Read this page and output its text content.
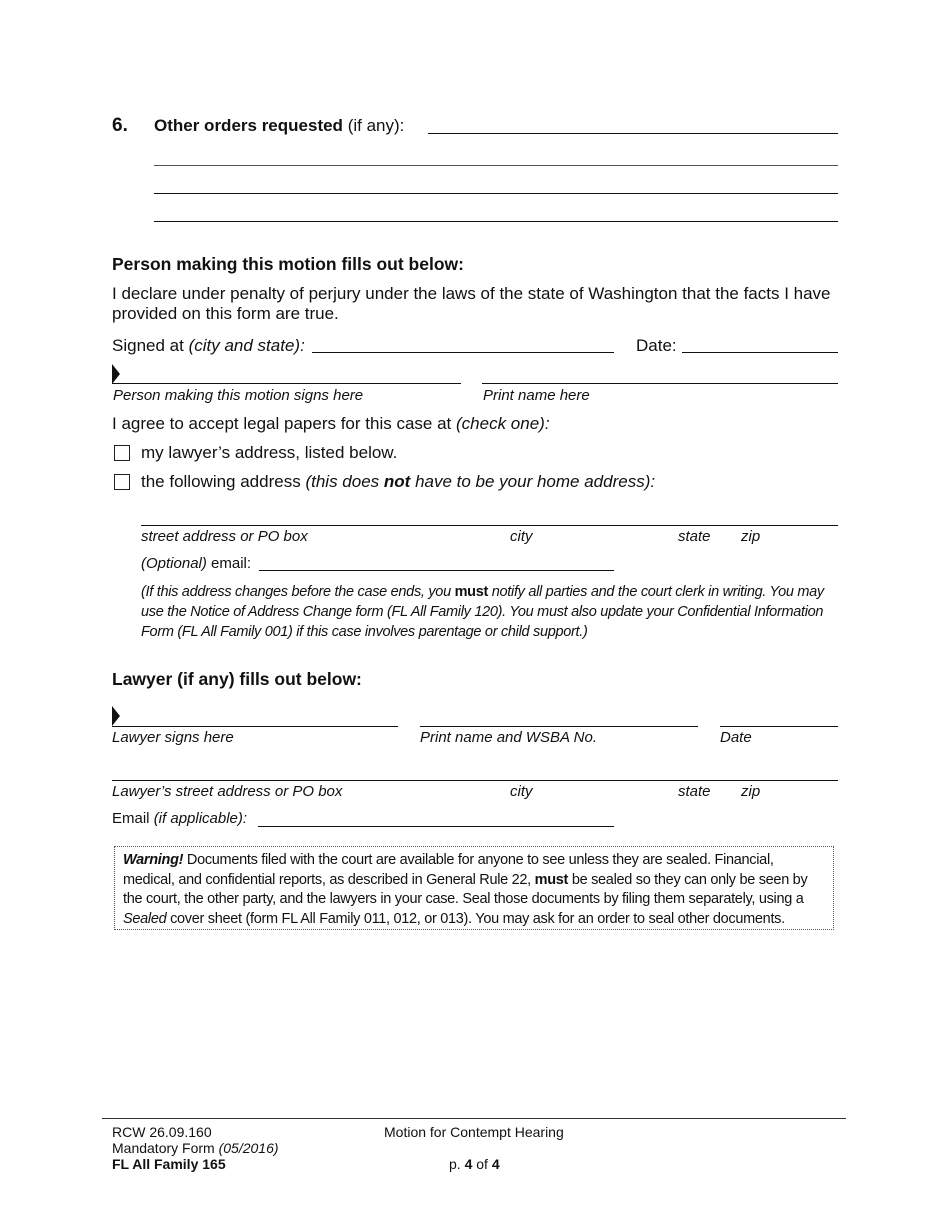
6. Other orders requested (if any):
Person making this motion fills out below:
I declare under penalty of perjury under the laws of the state of Washington that the facts I have provided on this form are true.
Signed at (city and state):	Date:
Person making this motion signs here	Print name here
I agree to accept legal papers for this case at (check one):
my lawyer’s address, listed below.
the following address (this does not have to be your home address):
street address or PO box	city	state zip
(Optional) email:
(If this address changes before the case ends, you must notify all parties and the court clerk in writing. You may use the Notice of Address Change form (FL All Family 120). You must also update your Confidential Information Form (FL All Family 001) if this case involves parentage or child support.)
Lawyer (if any) fills out below:
Lawyer signs here	Print name and WSBA No.	Date
Lawyer’s street address or PO box	city	state zip
Email (if applicable):
Warning! Documents filed with the court are available for anyone to see unless they are sealed. Financial, medical, and confidential reports, as described in General Rule 22, must be sealed so they can only be seen by the court, the other party, and the lawyers in your case. Seal those documents by filing them separately, using a Sealed cover sheet (form FL All Family 011, 012, or 013). You may ask for an order to seal other documents.
RCW 26.09.160
Mandatory Form (05/2016)
FL All Family 165
Motion for Contempt Hearing
p. 4 of 4
